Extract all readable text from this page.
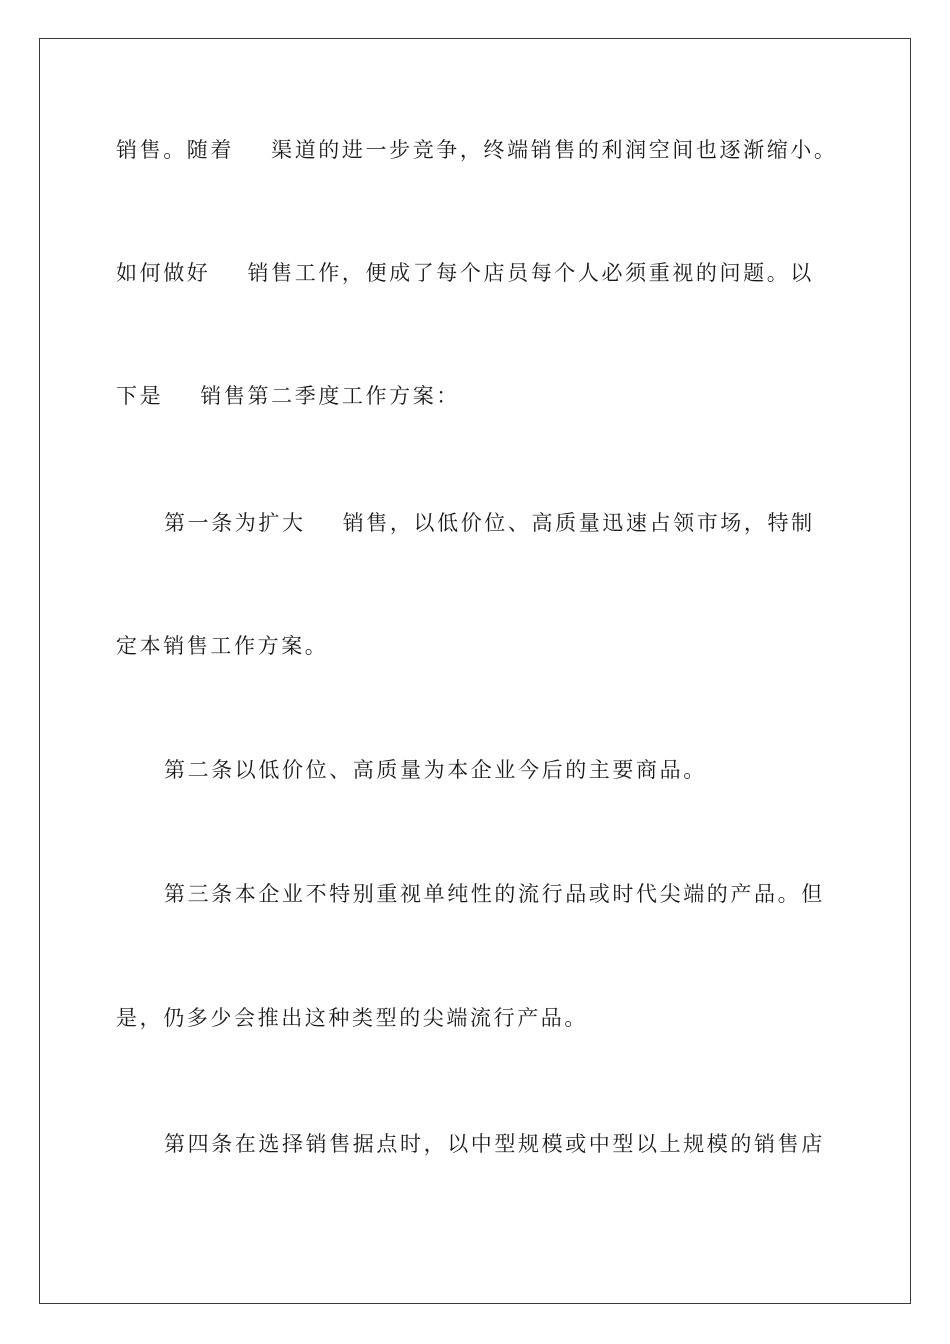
销售。随着    渠道的进一步竞争，终端销售的利润空间也逐渐缩小。
如何做好    销售工作，便成了每个店员每个人必须重视的问题。以
下是    销售第二季度工作方案：
第一条为扩大    销售，以低价位、高质量迅速占领市场，特制
定本销售工作方案。
第二条以低价位、高质量为本企业今后的主要商品。
第三条本企业不特别重视单纯性的流行品或时代尖端的产品。但
是，仍多少会推出这种类型的尖端流行产品。
第四条在选择销售据点时，以中型规模或中型以上规模的销售店
